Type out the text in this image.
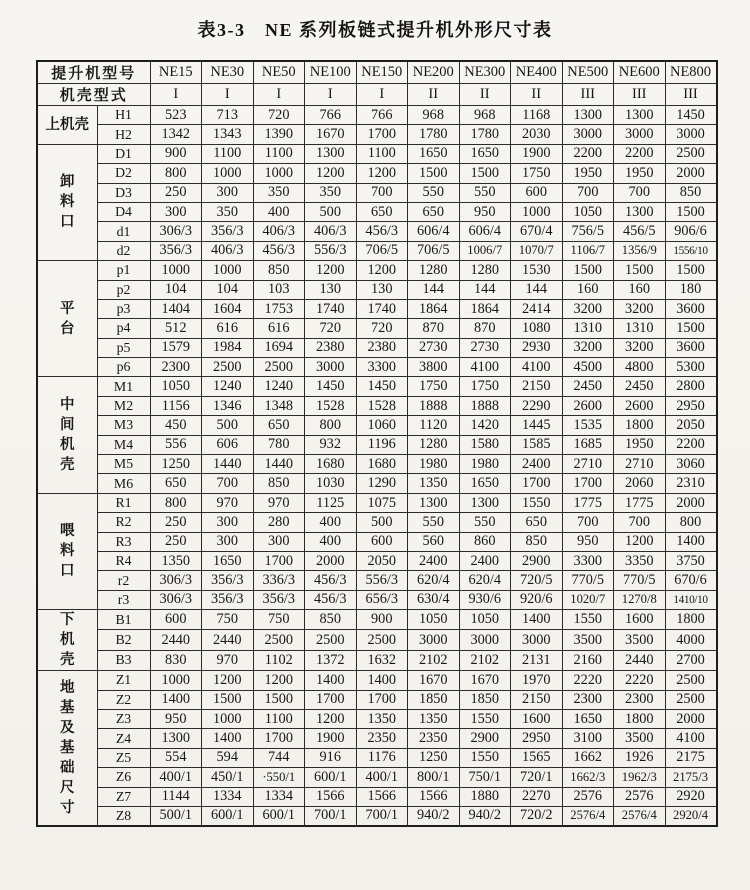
表3-3　NE 系列板链式提升机外形尺寸表
提升机型号		NE15	NE30	NE50	NE100	NE150	NE200	NE300	NE400	NE500	NE600	NE800
机壳型式		I	I	I	I	I	II	II	II	III	III	III
上机壳	H1	523	713	720	766	766	968	968	1168	1300	1300	1450
	H2	1342	1343	1390	1670	1700	1780	1780	2030	3000	3000	3000
卸
料
口	D1	900	1100	1100	1300	1100	1650	1650	1900	2200	2200	2500
	D2	800	1000	1000	1200	1200	1500	1500	1750	1950	1950	2000
	D3	250	300	350	350	700	550	550	600	700	700	850
	D4	300	350	400	500	650	650	950	1000	1050	1300	1500
	d1	306/3	356/3	406/3	406/3	456/3	606/4	606/4	670/4	756/5	456/5	906/6
	d2	356/3	406/3	456/3	556/3	706/5	706/5	1006/7	1070/7	1106/7	1356/9	1556/10
平
台	p1	1000	1000	850	1200	1200	1280	1280	1530	1500	1500	1500
	p2	104	104	103	130	130	144	144	144	160	160	180
	p3	1404	1604	1753	1740	1740	1864	1864	2414	3200	3200	3600
	p4	512	616	616	720	720	870	870	1080	1310	1310	1500
	p5	1579	1984	1694	2380	2380	2730	2730	2930	3200	3200	3600
	p6	2300	2500	2500	3000	3300	3800	4100	4100	4500	4800	5300
中
间
机
壳	M1	1050	1240	1240	1450	1450	1750	1750	2150	2450	2450	2800
	M2	1156	1346	1348	1528	1528	1888	1888	2290	2600	2600	2950
	M3	450	500	650	800	1060	1120	1420	1445	1535	1800	2050
	M4	556	606	780	932	1196	1280	1580	1585	1685	1950	2200
	M5	1250	1440	1440	1680	1680	1980	1980	2400	2710	2710	3060
	M6	650	700	850	1030	1290	1350	1650	1700	1700	2060	2310
喂
料
口	R1	800	970	970	1125	1075	1300	1300	1550	1775	1775	2000
	R2	250	300	280	400	500	550	550	650	700	700	800
	R3	250	300	300	400	600	560	860	850	950	1200	1400
	R4	1350	1650	1700	2000	2050	2400	2400	2900	3300	3350	3750
	r2	306/3	356/3	336/3	456/3	556/3	620/4	620/4	720/5	770/5	770/5	670/6
	r3	306/3	356/3	356/3	456/3	656/3	630/4	930/6	920/6	1020/7	1270/8	1410/10
下
机
壳	B1	600	750	750	850	900	1050	1050	1400	1550	1600	1800
	B2	2440	2440	2500	2500	2500	3000	3000	3000	3500	3500	4000
	B3	830	970	1102	1372	1632	2102	2102	2131	2160	2440	2700
地
基
及
基
础
尺
寸	Z1	1000	1200	1200	1400	1400	1670	1670	1970	2220	2220	2500
	Z2	1400	1500	1500	1700	1700	1850	1850	2150	2300	2300	2500
	Z3	950	1000	1100	1200	1350	1350	1550	1600	1650	1800	2000
	Z4	1300	1400	1700	1900	2350	2350	2900	2950	3100	3500	4100
	Z5	554	594	744	916	1176	1250	1550	1565	1662	1926	2175
	Z6	400/1	450/1	·550/1	600/1	400/1	800/1	750/1	720/1	1662/3	1962/3	2175/3
	Z7	1144	1334	1334	1566	1566	1566	1880	2270	2576	2576	2920
	Z8	500/1	600/1	600/1	700/1	700/1	940/2	940/2	720/2	2576/4	2576/4	2920/4
